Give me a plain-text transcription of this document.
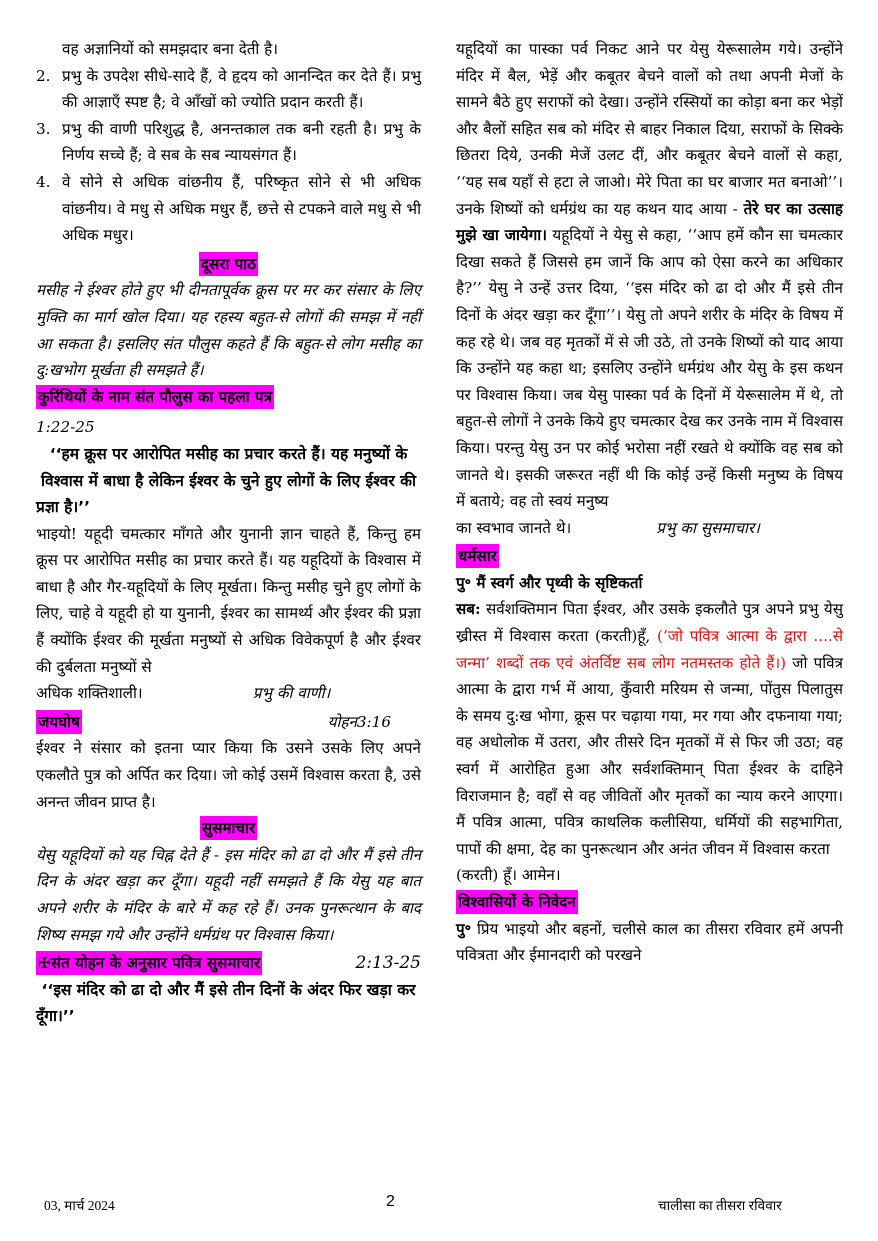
वह अज्ञानियों को समझदार बना देती है।

2. प्रभु के उपदेश सीधे-सादे हैं, वे हृदय को आनन्दित कर देते हैं। प्रभु की आज्ञाएँ स्पष्ट है; वे आँखों को ज्योति प्रदान करती हैं।
3. प्रभु की वाणी परिशुद्ध है, अनन्तकाल तक बनी रहती है। प्रभु के निर्णय सच्चे हैं; वे सब के सब न्यायसंगत हैं।
4. वे सोने से अधिक वांछनीय हैं, परिष्कृत सोने से भी अधिक वांछनीय। वे मधु से अधिक मधुर हैं, छत्ते से टपकने वाले मधु से भी अधिक मधुर।
दूसरा पाठ

मसीह ने ईश्वर होते हुए भी दीनतापूर्वक क्रूस पर मर कर संसार के लिए मुक्ति का मार्ग खोल दिया। यह रहस्य बहुत-से लोगों की समझ में नहीं आ सकता है। इसलिए संत पौलुस कहते हैं कि बहुत-से लोग मसीह का दु:खभोग मूर्खता ही समझते हैं।

कुरिंथियों के नाम संत पौलुस का पहला पत्र

1:22-25

‘‘हम क्रूस पर आरोपित मसीह का प्रचार करते हैं। यह मनुष्यों के विश्वास में बाधा है लेकिन ईश्वर के चुने हुए लोगों के लिए ईश्वर की प्रज्ञा है।’’

भाइयो! यहूदी चमत्कार माँगते और युनानी ज्ञान चाहते हैं, किन्तु हम क्रूस पर आरोपित मसीह का प्रचार करते हैं। यह यहूदियों के विश्वास में बाधा है और गैर-यहूदियों के लिए मूर्खता। किन्तु मसीह चुने हुए लोगों के लिए, चाहे वे यहूदी हो या युनानी, ईश्वर का सामर्थ्य और ईश्वर की प्रज्ञा हैं क्योंकि ईश्वर की मूर्खता मनुष्यों से अधिक विवेकपूर्ण है और ईश्वर की दुर्बलता मनुष्यों से

अधिक शक्तिशाली।	प्रभु की वाणी।
जयघोष	योहन3:16

ईश्वर ने संसार को इतना प्यार किया कि उसने उसके लिए अपने एकलौते पुत्र को अर्पित कर दिया। जो कोई उसमें विश्वास करता है, उसे अनन्त जीवन प्राप्त है।

सुसमाचार

येसु यहूदियों को यह चिह्न देते हैं - इस मंदिर को ढा दो और मैं इसे तीन दिन के अंदर खड़ा कर दूँगा। यहूदी नहीं समझते हैं कि येसु यह बात अपने शरीर के मंदिर के बारे में कह रहे हैं। उनक पुनरूत्थान के बाद शिष्य समझ गये और उन्होंने धर्मग्रंथ पर विश्वास किया।

✠संत योहन के अनुसार पवित्र सुसमाचार	2:13-25

‘‘इस मंदिर को ढा दो और मैं इसे तीन दिनों के अंदर फिर खड़ा कर दूँगा।’’

यहूदियों का पास्का पर्व निकट आने पर येसु येरूसालेम गये। उन्होंने मंदिर में बैल, भेड़ें और कबूतर बेचने वालों को तथा अपनी मेजों के सामने बैठे हुए सराफों को देखा। उन्होंने रस्सियों का कोड़ा बना कर भेड़ों और बैलों सहित सब को मंदिर से बाहर निकाल दिया, सराफों के सिक्के छितरा दिये, उनकी मेजें उलट दीं, और कबूतर बेचने वालों से कहा, ‘‘यह सब यहाँ से हटा ले जाओ। मेरे पिता का घर बाजार मत बनाओ’’। उनके शिष्यों को धर्मग्रंथ का यह कथन याद आया - तेरे घर का उत्साह मुझे खा जायेगा। यहूदियों ने येसु से कहा, ‘‘आप हमें कौन सा चमत्कार दिखा सकते हैं जिससे हम जानें कि आप को ऐसा करने का अधिकार है?’’ येसु ने उन्हें उत्तर दिया, ‘‘इस मंदिर को ढा दो और मैं इसे तीन दिनों के अंदर खड़ा कर दूँगा’’। येसु तो अपने शरीर के मंदिर के विषय में कह रहे थे। जब वह मृतकों में से जी उठे, तो उनके शिष्यों को याद आया कि उन्होंने यह कहा था; इसलिए उन्होंने धर्मग्रंथ और येसु के इस कथन पर विश्वास किया। जब येसु पास्का पर्व के दिनों में येरूसालेम में थे, तो बहुत-से लोगों ने उनके किये हुए चमत्कार देख कर उनके नाम में विश्वास किया। परन्तु येसु उन पर कोई भरोसा नहीं रखते थे क्योंकि वह सब को जानते थे। इसकी जरूरत नहीं थी कि कोई उन्हें किसी मनुष्य के विषय में बताये; वह तो स्वयं मनुष्य

का स्वभाव जानते थे।	प्रभु का सुसमाचार।
धर्मसार

पु॰ मैं स्वर्ग और पृथ्वी के सृष्टिकर्ता

सब: सर्वशक्तिमान पिता ईश्वर, और उसके इकलौते पुत्र अपने प्रभु येसु ख्रीस्त में विश्वास करता (करती)हूँ, (‘जो पवित्र आत्मा के द्वारा ....से जन्मा’ शब्दों तक एवं अंतर्विष्ट सब लोग नतमस्तक होते हैं।) जो पवित्र आत्मा के द्वारा गर्भ में आया, कुँवारी मरियम से जन्मा, पोंतुस पिलातुस के समय दु:ख भोगा, क्रूस पर चढ़ाया गया, मर गया और दफनाया गया; वह अधोलोक में उतरा, और तीसरे दिन मृतकों में से फिर जी उठा; वह स्वर्ग में आरोहित हुआ और सर्वशक्तिमान् पिता ईश्वर के दाहिने विराजमान है; वहाँ से वह जीवितों और मृतकों का न्याय करने आएगा। मैं पवित्र आत्मा, पवित्र काथलिक कलीसिया, धर्मियों की सहभागिता, पापों की क्षमा, देह का पुनरूत्थान और अनंत जीवन में विश्वास करता

(करती) हूँ। आमेन।

विश्वासियों के निवेदन

पु॰ प्रिय भाइयो और बहनों, चलीसे काल का तीसरा रविवार हमें अपनी पवित्रता और ईमानदारी को परखने

03, मार्च 2024	2	चालीसा का तीसरा रविवार
